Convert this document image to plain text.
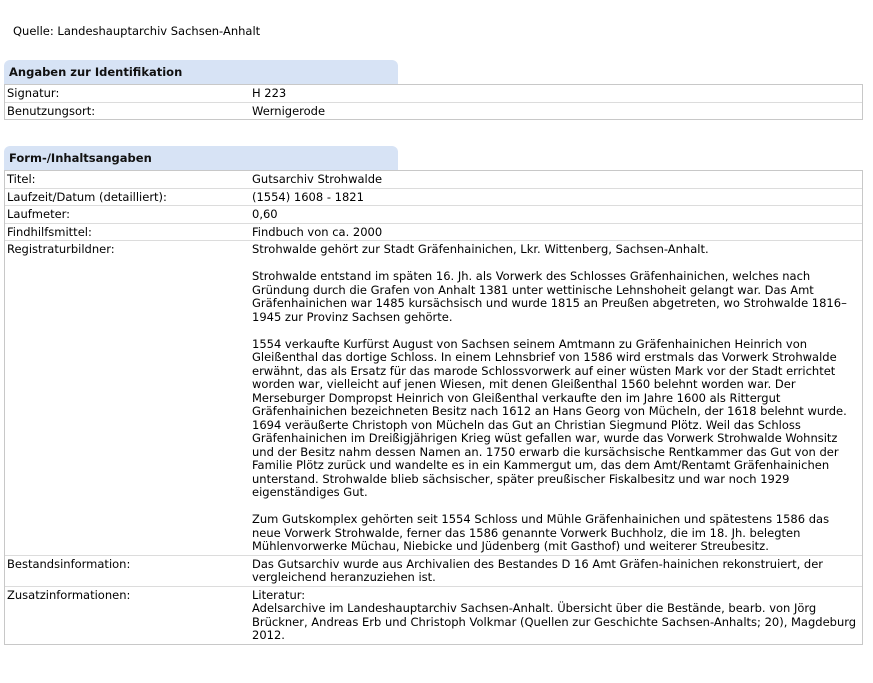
Quelle: Landeshauptarchiv Sachsen-Anhalt
Angaben zur Identifikation
Signatur:	H 223
Benutzungsort:	Wernigerode
Form-/Inhaltsangaben
Titel:	Gutsarchiv Strohwalde
Laufzeit/Datum (detailliert):	(1554) 1608 - 1821
Laufmeter:	0,60
Findhilfsmittel:	Findbuch von ca. 2000
Registraturbildner:	Strohwalde gehört zur Stadt Gräfenhainichen, Lkr. Wittenberg, Sachsen-Anhalt.

Strohwalde entstand im späten 16. Jh. als Vorwerk des Schlosses Gräfenhainichen, welches nach Gründung durch die Grafen von Anhalt 1381 unter wettinische Lehnshoheit gelangt war. Das Amt Gräfenhainichen war 1485 kursächsisch und wurde 1815 an Preußen abgetreten, wo Strohwalde 1816–1945 zur Provinz Sachsen gehörte.

1554 verkaufte Kurfürst August von Sachsen seinem Amtmann zu Gräfenhainichen Heinrich von Gleißenthal das dortige Schloss. In einem Lehnsbrief von 1586 wird erstmals das Vorwerk Strohwalde erwähnt, das als Ersatz für das marode Schlossvorwerk auf einer wüsten Mark vor der Stadt errichtet worden war, vielleicht auf jenen Wiesen, mit denen Gleißenthal 1560 belehnt worden war. Der Merseburger Dompropst Heinrich von Gleißenthal verkaufte den im Jahre 1600 als Rittergut Gräfenhainichen bezeichneten Besitz nach 1612 an Hans Georg von Mücheln, der 1618 belehnt wurde. 1694 veräußerte Christoph von Mücheln das Gut an Christian Siegmund Plötz. Weil das Schloss Gräfenhainichen im Dreißigjährigen Krieg wüst gefallen war, wurde das Vorwerk Strohwalde Wohnsitz und der Besitz nahm dessen Namen an. 1750 erwarb die kursächsische Rentkammer das Gut von der Familie Plötz zurück und wandelte es in ein Kammergut um, das dem Amt/Rentamt Gräfenhainichen unterstand. Strohwalde blieb sächsischer, später preußischer Fiskalbesitz und war noch 1929 eigenständiges Gut.

Zum Gutskomplex gehörten seit 1554 Schloss und Mühle Gräfenhainichen und spätestens 1586 das neue Vorwerk Strohwalde, ferner das 1586 genannte Vorwerk Buchholz, die im 18. Jh. belegten Mühlenvorwerke Müchau, Niebicke und Jüdenberg (mit Gasthof) und weiterer Streubesitz.

Bestandsinformation:	Das Gutsarchiv wurde aus Archivalien des Bestandes D 16 Amt Gräfen-hainichen rekonstruiert, der vergleichend heranzuziehen ist.
Zusatzinformationen:	Literatur:
Adelsarchive im Landeshauptarchiv Sachsen-Anhalt. Übersicht über die Bestände, bearb. von Jörg Brückner, Andreas Erb und Christoph Volkmar (Quellen zur Geschichte Sachsen-Anhalts; 20), Magdeburg 2012.
